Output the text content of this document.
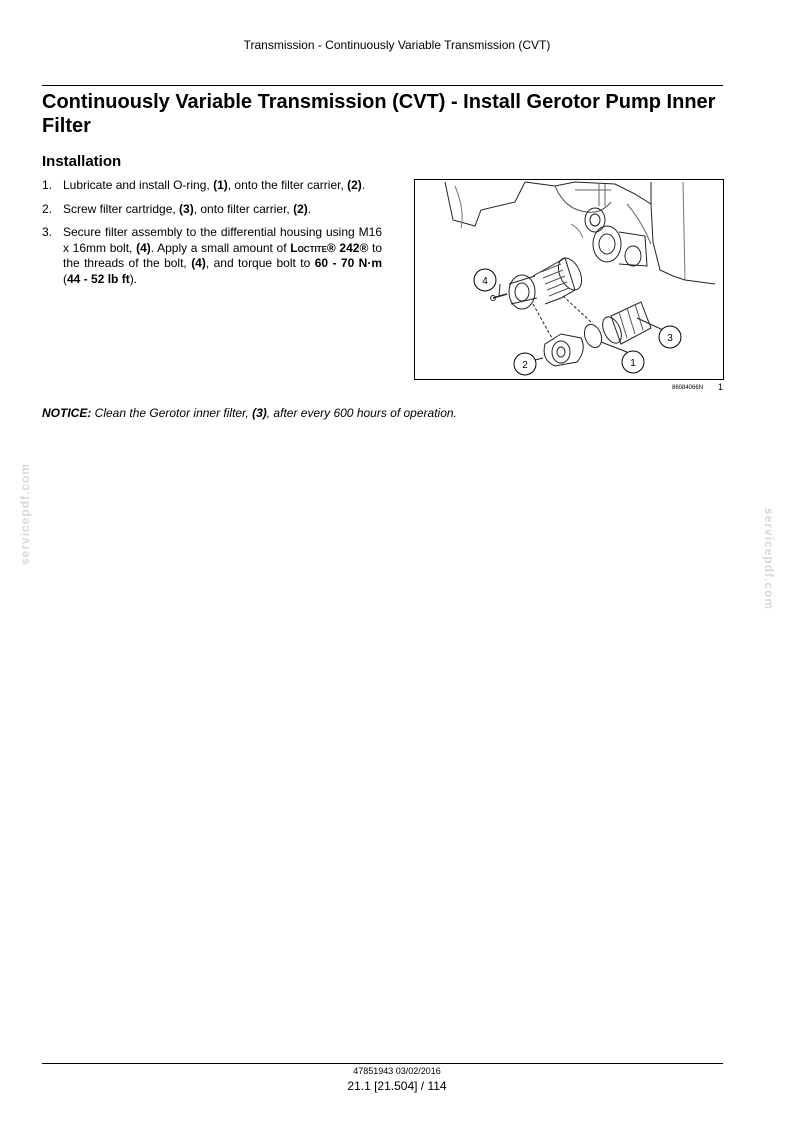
Transmission - Continuously Variable Transmission (CVT)
Continuously Variable Transmission (CVT) - Install Gerotor Pump Inner Filter
Installation
1. Lubricate and install O-ring, (1), onto the filter carrier, (2).
2. Screw filter cartridge, (3), onto filter carrier, (2).
3. Secure filter assembly to the differential housing using M16 x 16mm bolt, (4). Apply a small amount of Loctite® 242® to the threads of the bolt, (4), and torque bolt to 60 - 70 N·m (44 - 52 lb ft).	4
3
1
2
86084066N 1
NOTICE: Clean the Gerotor inner filter, (3), after every 600 hours of operation.
servicepdf.com	servicepdf.com
47851943 03/02/2016
21.1 [21.504] / 114
